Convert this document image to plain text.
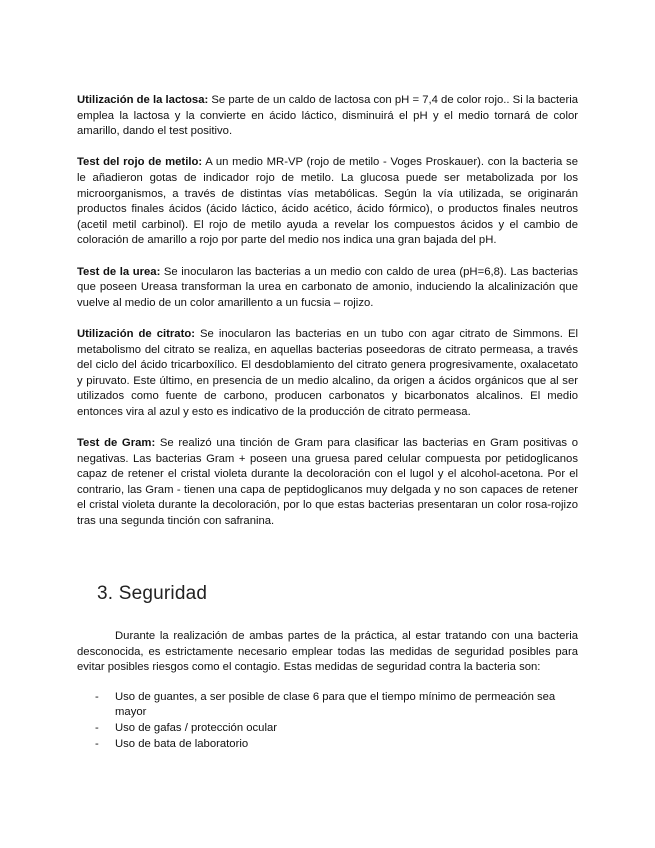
Utilización de la lactosa: Se parte de un caldo de lactosa con pH = 7,4 de color rojo.. Si la bacteria emplea la lactosa y la convierte en ácido láctico, disminuirá el pH y el medio tornará de color amarillo, dando el test positivo.

Test del rojo de metilo: A un medio MR-VP (rojo de metilo - Voges Proskauer). con la bacteria se le añadieron gotas de indicador rojo de metilo. La glucosa puede ser metabolizada por los microorganismos, a través de distintas vías metabólicas. Según la vía utilizada, se originarán productos finales ácidos (ácido láctico, ácido acético, ácido fórmico), o productos finales neutros (acetil metil carbinol). El rojo de metilo ayuda a revelar los compuestos ácidos y el cambio de coloración de amarillo a rojo por parte del medio nos indica una gran bajada del pH.

Test de la urea: Se inocularon las bacterias a un medio con caldo de urea (pH=6,8). Las bacterias que poseen Ureasa transforman la urea en carbonato de amonio, induciendo la alcalinización que vuelve al medio de un color amarillento a un fucsia – rojizo.

Utilización de citrato: Se inocularon las bacterias en un tubo con agar citrato de Simmons. El metabolismo del citrato se realiza, en aquellas bacterias poseedoras de citrato permeasa, a través del ciclo del ácido tricarboxílico. El desdoblamiento del citrato genera progresivamente, oxalacetato y piruvato. Este último, en presencia de un medio alcalino, da origen a ácidos orgánicos que al ser utilizados como fuente de carbono, producen carbonatos y bicarbonatos alcalinos. El medio entonces vira al azul y esto es indicativo de la producción de citrato permeasa.

Test de Gram: Se realizó una tinción de Gram para clasificar las bacterias en Gram positivas o negativas. Las bacterias Gram + poseen una gruesa pared celular compuesta por petidoglicanos capaz de retener el cristal violeta durante la decoloración con el lugol y el alcohol-acetona. Por el contrario, las Gram - tienen una capa de peptidoglicanos muy delgada y no son capaces de retener el cristal violeta durante la decoloración, por lo que estas bacterias presentaran un color rosa-rojizo tras una segunda tinción con safranina.

3. Seguridad

Durante la realización de ambas partes de la práctica, al estar tratando con una bacteria desconocida, es estrictamente necesario emplear todas las medidas de seguridad posibles para evitar posibles riesgos como el contagio. Estas medidas de seguridad contra la bacteria son:

- Uso de guantes, a ser posible de clase 6 para que el tiempo mínimo de permeación sea mayor
- Uso de gafas / protección ocular
- Uso de bata de laboratorio
